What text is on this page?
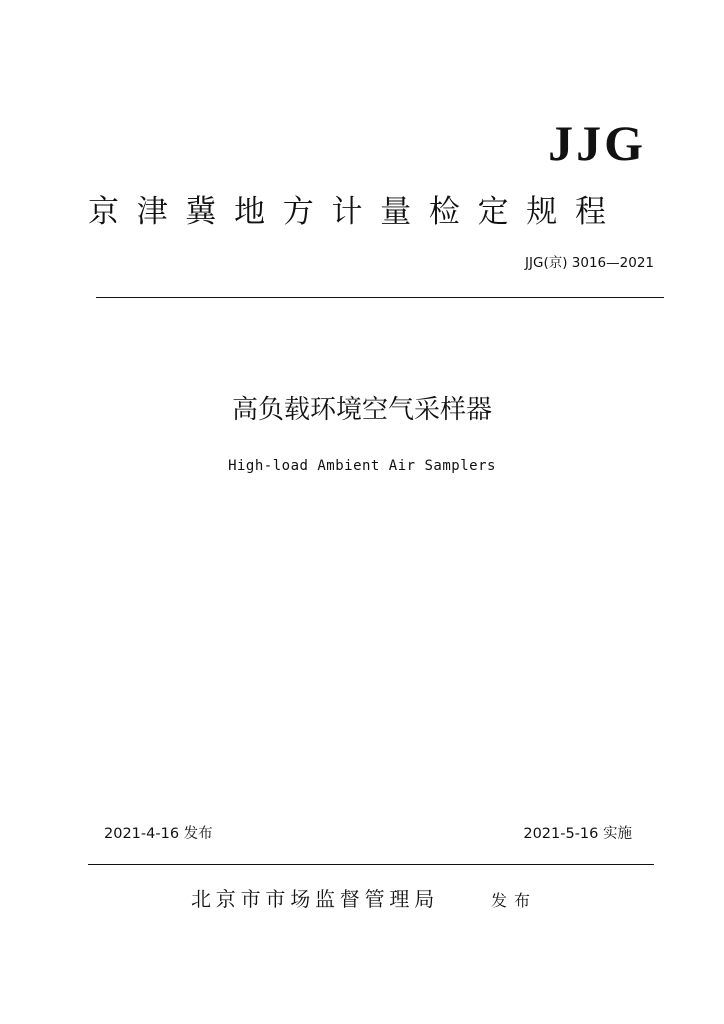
JJG
京津冀地方计量检定规程
JJG(京) 3016—2021
高负载环境空气采样器
High-load Ambient Air Samplers
2021-4-16 发布	2021-5-16 实施
北京市市场监督管理局	发布
